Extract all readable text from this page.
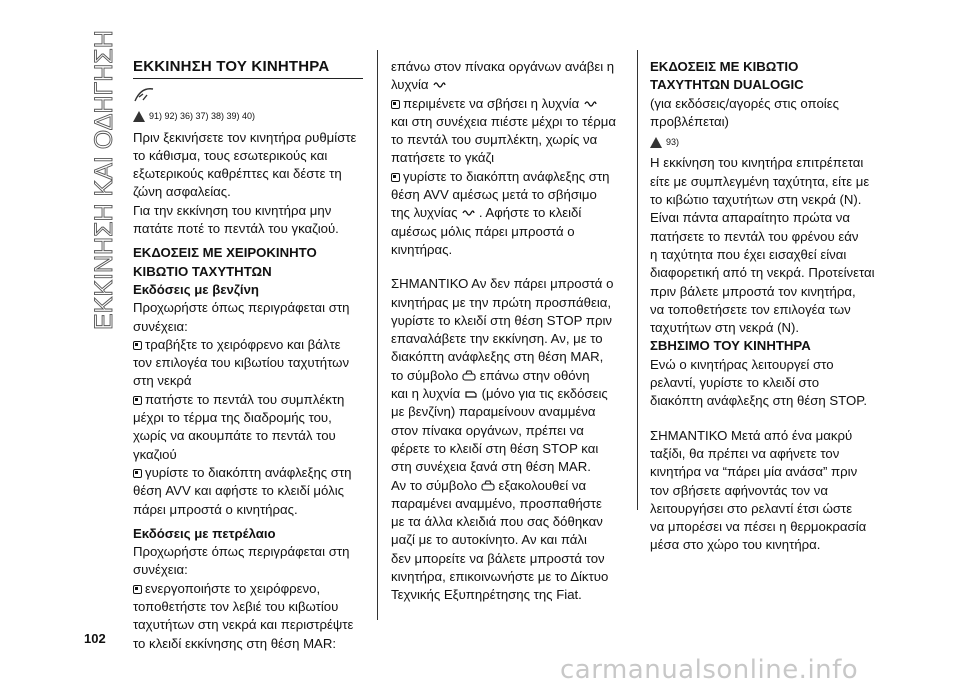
ΕΚΚΙΝΗΣΗ ΚΑΙ ΟΔΗΓΗΣΗ ΕΚΚΙΝΗΣΗ ΤΟΥ ΚΙΝΗΤΗΡΑ
91) 92) 36) 37) 38) 39) 40)

Πριν ξεκινήσετε τον κινητήρα ρυθμίστε
το κάθισμα, τους εσωτερικούς και
εξωτερικούς καθρέπτες και δέστε τη
ζώνη ασφαλείας.
Για την εκκίνηση του κινητήρα μην
πατάτε ποτέ το πεντάλ του γκαζιού.

ΕΚΔΟΣΕΙΣ ΜΕ ΧΕΙΡΟΚΙΝΗΤΟ
ΚΙΒΩΤΙΟ ΤΑΧΥΤΗΤΩΝ
Εκδόσεις με βενζίνη

Προχωρήστε όπως περιγράφεται στη
συνέχεια:

τραβήξτε το χειρόφρενο και βάλτε
τον επιλογέα του κιβωτίου ταχυτήτων
στη νεκρά

πατήστε το πεντάλ του συμπλέκτη
μέχρι το τέρμα της διαδρομής του,
χωρίς να ακουμπάτε το πεντάλ του
γκαζιού

γυρίστε το διακόπτη ανάφλεξης στη
θέση AVV και αφήστε το κλειδί μόλις
πάρει μπροστά ο κινητήρας.

Εκδόσεις με πετρέλαιο

Προχωρήστε όπως περιγράφεται στη
συνέχεια:

ενεργοποιήστε το χειρόφρενο,
τοποθετήστε τον λεβιέ του κιβωτίου
ταχυτήτων στη νεκρά και περιστρέψτε
το κλειδί εκκίνησης στη θέση MAR:

επάνω στον πίνακα οργάνων ανάβει η
λυχνία

περιμένετε να σβήσει η λυχνία
και στη συνέχεια πιέστε μέχρι το τέρμα
το πεντάλ του συμπλέκτη, χωρίς να
πατήσετε το γκάζι

γυρίστε το διακόπτη ανάφλεξης στη
θέση AVV αμέσως μετά το σβήσιμο
της λυχνίας . Αφήστε το κλειδί
αμέσως μόλις πάρει μπροστά ο
κινητήρας.

ΣΗΜΑΝΤΙΚΟ Αν δεν πάρει μπροστά ο
κινητήρας με την πρώτη προσπάθεια,
γυρίστε το κλειδί στη θέση STOP πριν
επαναλάβετε την εκκίνηση. Αν, με το
διακόπτη ανάφλεξης στη θέση MAR,
το σύμβολο επάνω στην οθόνη
και η λυχνία (μόνο για τις εκδόσεις
με βενζίνη) παραμείνουν αναμμένα
στον πίνακα οργάνων, πρέπει να
φέρετε το κλειδί στη θέση STOP και
στη συνέχεια ξανά στη θέση MAR.
Αν το σύμβολο εξακολουθεί να
παραμένει αναμμένο, προσπαθήστε
με τα άλλα κλειδιά που σας δόθηκαν
μαζί με το αυτοκίνητο. Αν και πάλι
δεν μπορείτε να βάλετε μπροστά τον
κινητήρα, επικοινωνήστε με το Δίκτυο
Τεχνικής Εξυπηρέτησης της Fiat.

ΕΚΔΟΣΕΙΣ ΜΕ ΚΙΒΩΤΙΟ
ΤΑΧΥΤΗΤΩΝ DUALOGIC

(για εκδόσεις/αγορές στις οποίες
προβλέπεται)

93)

Η εκκίνηση του κινητήρα επιτρέπεται
είτε με συμπλεγμένη ταχύτητα, είτε με
το κιβώτιο ταχυτήτων στη νεκρά (N).
Είναι πάντα απαραίτητο πρώτα να
πατήσετε το πεντάλ του φρένου εάν
η ταχύτητα που έχει εισαχθεί είναι
διαφορετική από τη νεκρά. Προτείνεται
πριν βάλετε μπροστά τον κινητήρα,
να τοποθετήσετε τον επιλογέα των
ταχυτήτων στη νεκρά (N).

ΣΒΗΣΙΜΟ ΤΟΥ ΚΙΝΗΤΗΡΑ

Ενώ ο κινητήρας λειτουργεί στο
ρελαντί, γυρίστε το κλειδί στο
διακόπτη ανάφλεξης στη θέση STOP.

ΣΗΜΑΝΤΙΚΟ Μετά από ένα μακρύ
ταξίδι, θα πρέπει να αφήνετε τον
κινητήρα να “πάρει μία ανάσα” πριν
τον σβήσετε αφήνοντάς τον να
λειτουργήσει στο ρελαντί έτσι ώστε
να μπορέσει να πέσει η θερμοκρασία
μέσα στο χώρο του κινητήρα.

102
carmanualsonline.info
